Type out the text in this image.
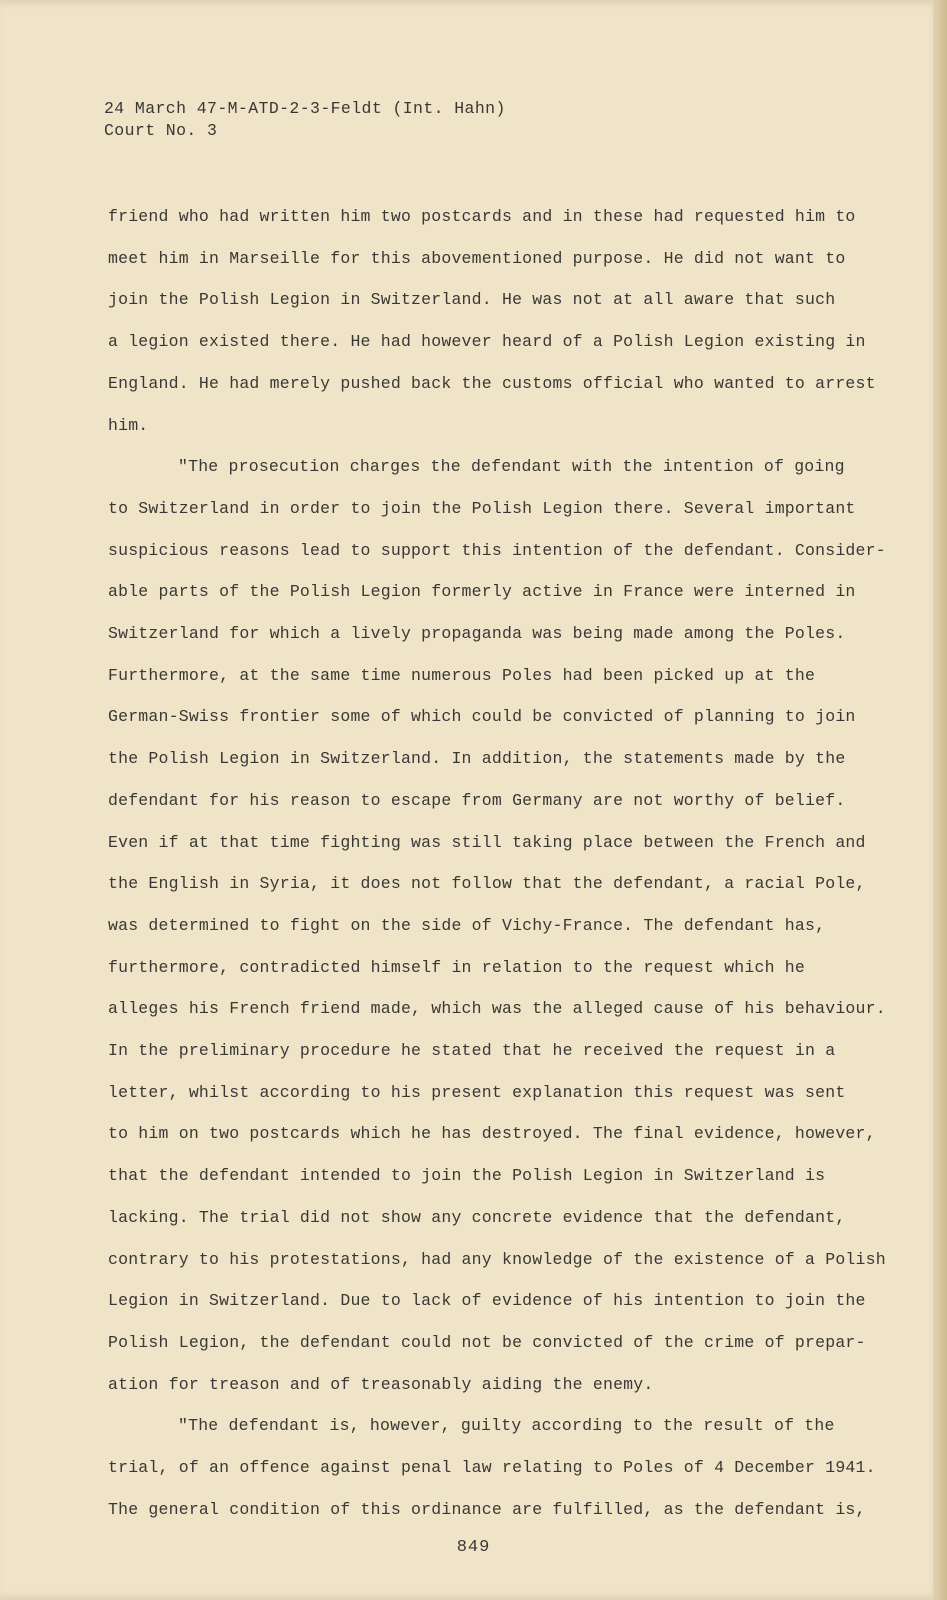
24 March 47-M-ATD-2-3-Feldt (Int. Hahn)
Court No. 3
friend who had written him two postcards and in these had requested him to
meet him in Marseille for this abovementioned purpose. He did not want to
join the Polish Legion in Switzerland. He was not at all aware that such
a legion existed there. He had however heard of a Polish Legion existing in
England. He had merely pushed back the customs official who wanted to arrest
him.
"The prosecution charges the defendant with the intention of going
to Switzerland in order to join the Polish Legion there. Several important
suspicious reasons lead to support this intention of the defendant. Consider-
able parts of the Polish Legion formerly active in France were interned in
Switzerland for which a lively propaganda was being made among the Poles.
Furthermore, at the same time numerous Poles had been picked up at the
German-Swiss frontier some of which could be convicted of planning to join
the Polish Legion in Switzerland. In addition, the statements made by the
defendant for his reason to escape from Germany are not worthy of belief.
Even if at that time fighting was still taking place between the French and
the English in Syria, it does not follow that the defendant, a racial Pole,
was determined to fight on the side of Vichy-France. The defendant has,
furthermore, contradicted himself in relation to the request which he
alleges his French friend made, which was the alleged cause of his behaviour.
In the preliminary procedure he stated that he received the request in a
letter, whilst according to his present explanation this request was sent
to him on two postcards which he has destroyed. The final evidence, however,
that the defendant intended to join the Polish Legion in Switzerland is
lacking. The trial did not show any concrete evidence that the defendant,
contrary to his protestations, had any knowledge of the existence of a Polish
Legion in Switzerland. Due to lack of evidence of his intention to join the
Polish Legion, the defendant could not be convicted of the crime of prepar-
ation for treason and of treasonably aiding the enemy.
"The defendant is, however, guilty according to the result of the
trial, of an offence against penal law relating to Poles of 4 December 1941.
The general condition of this ordinance are fulfilled, as the defendant is,
849
